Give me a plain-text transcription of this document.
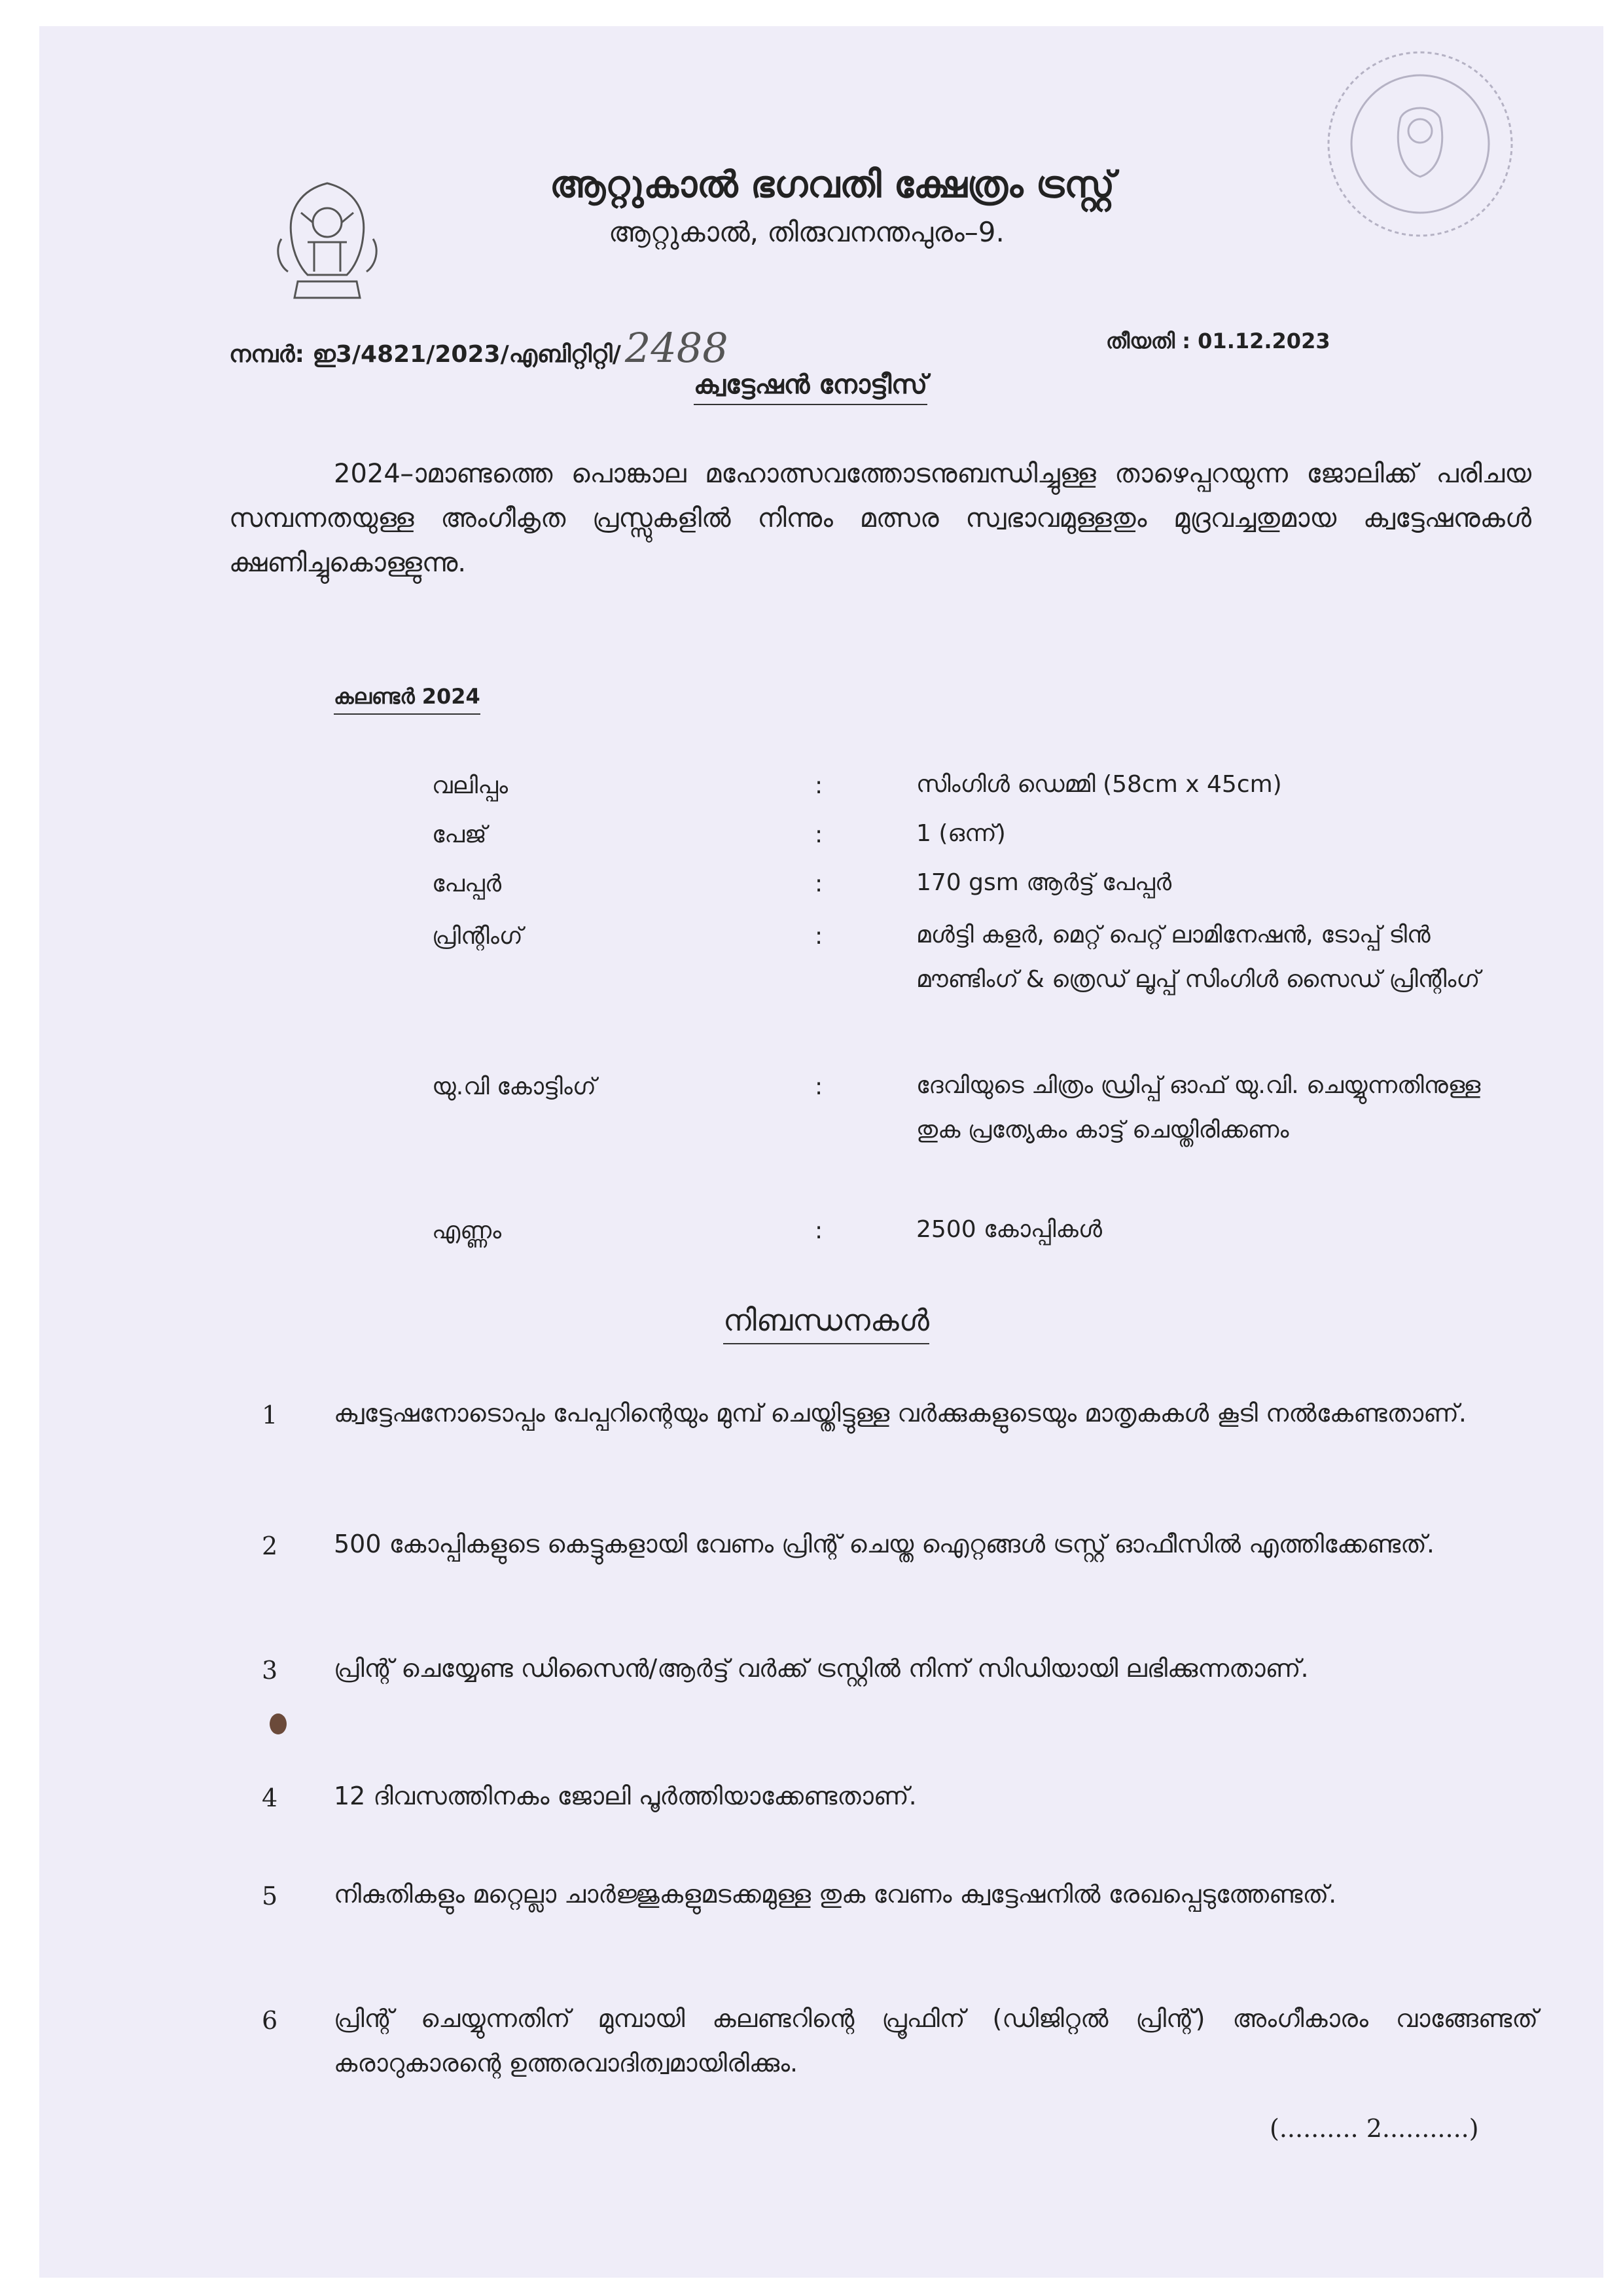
ആറ്റുകാൽ ഭഗവതി ക്ഷേത്രം ട്രസ്റ്റ്
ആറ്റുകാൽ, തിരുവനന്തപുരം–9.
നമ്പർ: ഇ3/4821/2023/എബിറ്റിറ്റി/2488	തീയതി : 01.12.2023
ക്വട്ടേഷൻ നോട്ടീസ്
2024–ാമാണ്ടത്തെ പൊങ്കാല മഹോത്സവത്തോടനുബന്ധിച്ചുള്ള താഴെപ്പറയുന്ന ജോലിക്ക് പരിചയ സമ്പന്നതയുള്ള അംഗീകൃത പ്രസ്സുകളിൽ നിന്നും മത്സര സ്വഭാവമുള്ളതും മുദ്രവച്ചതുമായ ക്വട്ടേഷനുകൾ ക്ഷണിച്ചുകൊള്ളുന്നു.
കലണ്ടർ 2024
വലിപ്പം	:	സിംഗിൾ ഡെമ്മി (58cm x 45cm)
പേജ്	:	1 (ഒന്ന്)
പേപ്പർ	:	170 gsm ആർട്ട് പേപ്പർ
പ്രിന്റിംഗ്	:	മൾട്ടി കളർ, മെറ്റ് പെറ്റ് ലാമിനേഷൻ, ടോപ്പ് ടിൻ മൗണ്ടിംഗ് & ത്രെഡ് ലൂപ്പ് സിംഗിൾ സൈഡ് പ്രിന്റിംഗ്
യു.വി കോട്ടിംഗ്	:	ദേവിയുടെ ചിത്രം ഡ്രിപ്പ് ഓഫ് യു.വി. ചെയ്യുന്നതിനുള്ള തുക പ്രത്യേകം കാട്ട് ചെയ്തിരിക്കണം
എണ്ണം	:	2500 കോപ്പികൾ
നിബന്ധനകൾ
1 ക്വട്ടേഷനോടൊപ്പം പേപ്പറിന്റെയും മുമ്പ് ചെയ്തിട്ടുള്ള വർക്കുകളുടെയും മാതൃകകൾ കൂടി നൽകേണ്ടതാണ്.
2 500 കോപ്പികളുടെ കെട്ടുകളായി വേണം പ്രിന്റ് ചെയ്ത ഐറ്റങ്ങൾ ട്രസ്റ്റ് ഓഫീസിൽ എത്തിക്കേണ്ടത്.
3 പ്രിന്റ് ചെയ്യേണ്ട ഡിസൈൻ/ആർട്ട് വർക്ക് ട്രസ്റ്റിൽ നിന്ന് സിഡിയായി ലഭിക്കുന്നതാണ്.
4 12 ദിവസത്തിനകം ജോലി പൂർത്തിയാക്കേണ്ടതാണ്.
5 നികുതികളും മറ്റെല്ലാ ചാർജ്ജുകളുമടക്കമുള്ള തുക വേണം ക്വട്ടേഷനിൽ രേഖപ്പെടുത്തേണ്ടത്.
6 പ്രിന്റ് ചെയ്യുന്നതിന് മുമ്പായി കലണ്ടറിന്റെ പ്രൂഫിന് (ഡിജിറ്റൽ പ്രിന്റ്) അംഗീകാരം വാങ്ങേണ്ടത് കരാറുകാരന്റെ ഉത്തരവാദിത്വമായിരിക്കും.
(.......... 2...........)
